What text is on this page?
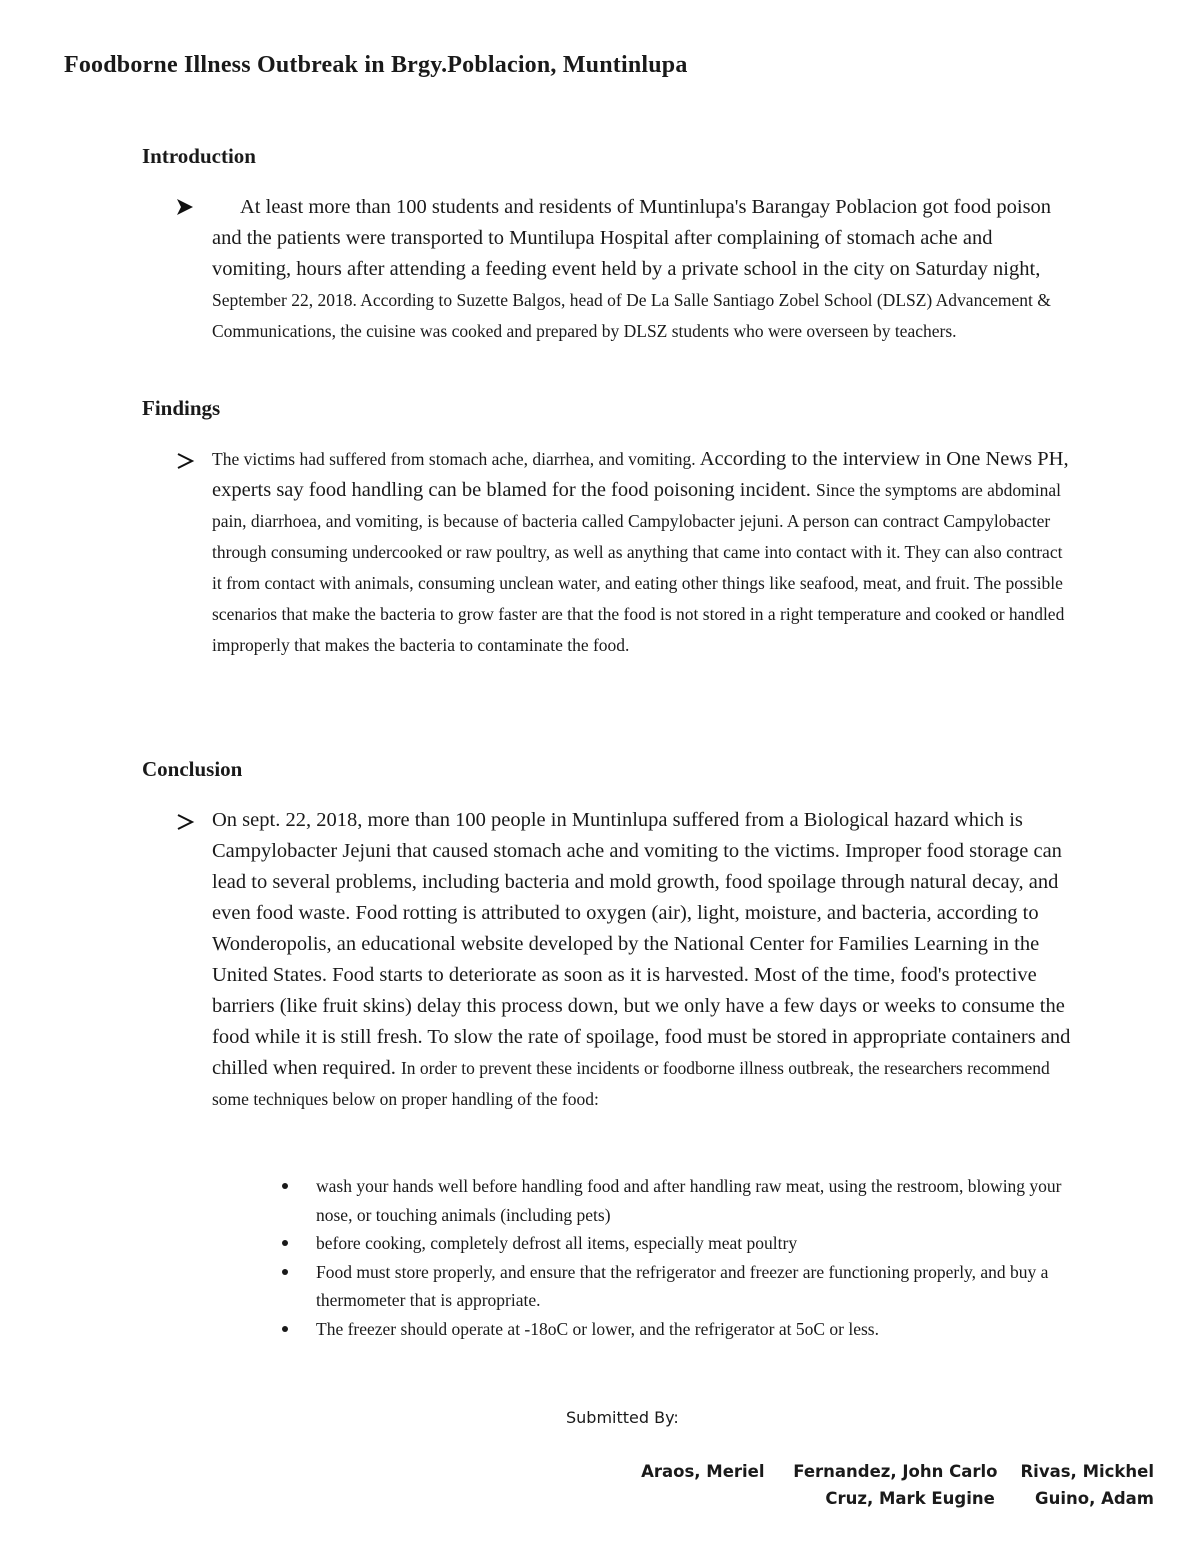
Foodborne Illness Outbreak in Brgy.Poblacion, Muntinlupa
Introduction
At least more than 100 students and residents of Muntinlupa's Barangay Poblacion got food poison and the patients were transported to Muntilupa Hospital after complaining of stomach ache and vomiting, hours after attending a feeding event held by a private school in the city on Saturday night, September 22, 2018. According to Suzette Balgos, head of De La Salle Santiago Zobel School (DLSZ) Advancement & Communications, the cuisine was cooked and prepared by DLSZ students who were overseen by teachers.
Findings
The victims had suffered from stomach ache, diarrhea, and vomiting. According to the interview in One News PH, experts say food handling can be blamed for the food poisoning incident. Since the symptoms are abdominal pain, diarrhoea, and vomiting, is because of bacteria called Campylobacter jejuni. A person can contract Campylobacter through consuming undercooked or raw poultry, as well as anything that came into contact with it. They can also contract it from contact with animals, consuming unclean water, and eating other things like seafood, meat, and fruit. The possible scenarios that make the bacteria to grow faster are that the food is not stored in a right temperature and cooked or handled improperly that makes the bacteria to contaminate the food.
Conclusion
On sept. 22, 2018, more than 100 people in Muntinlupa suffered from a Biological hazard which is Campylobacter Jejuni that caused stomach ache and vomiting to the victims. Improper food storage can lead to several problems, including bacteria and mold growth, food spoilage through natural decay, and even food waste. Food rotting is attributed to oxygen (air), light, moisture, and bacteria, according to Wonderopolis, an educational website developed by the National Center for Families Learning in the United States. Food starts to deteriorate as soon as it is harvested. Most of the time, food's protective barriers (like fruit skins) delay this process down, but we only have a few days or weeks to consume the food while it is still fresh. To slow the rate of spoilage, food must be stored in appropriate containers and chilled when required. In order to prevent these incidents or foodborne illness outbreak, the researchers recommend some techniques below on proper handling of the food:
wash your hands well before handling food and after handling raw meat, using the restroom, blowing your nose, or touching animals (including pets)
before cooking, completely defrost all items, especially meat poultry
Food must store properly, and ensure that the refrigerator and freezer are functioning properly, and buy a thermometer that is appropriate.
The freezer should operate at -18oC or lower, and the refrigerator at 5oC or less.
Submitted By:
Araos, Meriel     Fernandez, John Carlo    Rivas, Mickhel
Cruz, Mark Eugine       Guino, Adam
